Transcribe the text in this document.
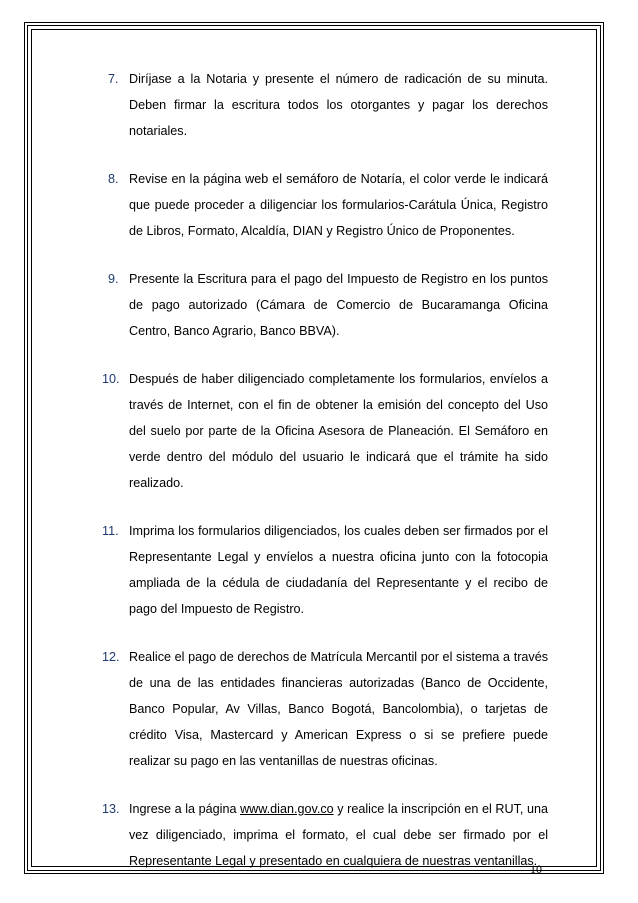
7. Diríjase a la Notaria y presente el número de radicación de su minuta. Deben firmar la escritura todos los otorgantes y pagar los derechos notariales.
8. Revise en la página web el semáforo de Notaría, el color verde le indicará que puede proceder a diligenciar los formularios-Carátula Única, Registro de Libros, Formato, Alcaldía, DIAN y Registro Único de Proponentes.
9. Presente la Escritura para el pago del Impuesto de Registro en los puntos de pago autorizado (Cámara de Comercio de Bucaramanga Oficina Centro, Banco Agrario, Banco BBVA).
10. Después de haber diligenciado completamente los formularios, envíelos a través de Internet, con el fin de obtener la emisión del concepto del Uso del suelo por parte de la Oficina Asesora de Planeación. El Semáforo en verde dentro del módulo del usuario le indicará que el trámite ha sido realizado.
11. Imprima los formularios diligenciados, los cuales deben ser firmados por el Representante Legal y envíelos a nuestra oficina junto con la fotocopia ampliada de la cédula de ciudadanía del Representante y el recibo de pago del Impuesto de Registro.
12. Realice el pago de derechos de Matrícula Mercantil por el sistema a través de una de las entidades financieras autorizadas (Banco de Occidente, Banco Popular, Av Villas, Banco Bogotá, Bancolombia), o tarjetas de crédito Visa, Mastercard y American Express o si se prefiere puede realizar su pago en las ventanillas de nuestras oficinas.
13. Ingrese a la página www.dian.gov.co y realice la inscripción en el RUT, una vez diligenciado, imprima el formato, el cual debe ser firmado por el Representante Legal y presentado en cualquiera de nuestras ventanillas.
10
